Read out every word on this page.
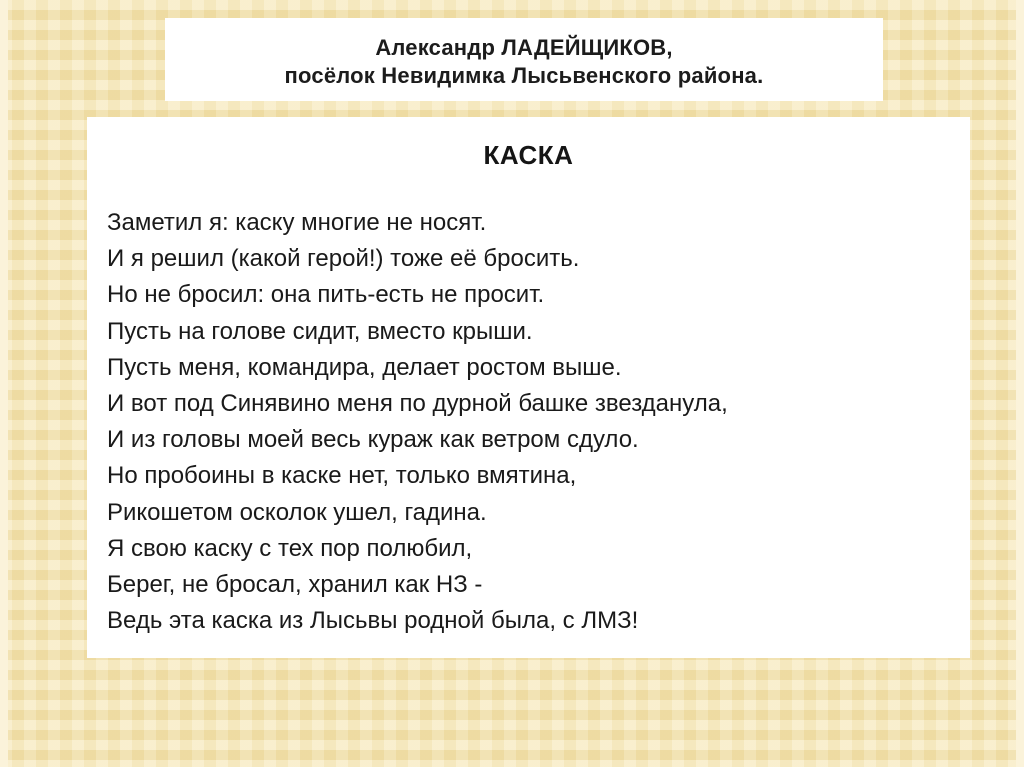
Александр ЛАДЕЙЩИКОВ,
посёлок Невидимка Лысьвенского района.
КАСКА
Заметил я: каску многие не носят.
И я решил (какой герой!) тоже её бросить.
Но не бросил: она пить-есть не просит.
Пусть на голове сидит, вместо крыши.
Пусть меня, командира, делает ростом выше.
И вот под Синявино меня по дурной башке звезданула,
И из головы моей весь кураж как ветром сдуло.
Но пробоины в каске нет, только вмятина,
Рикошетом осколок ушел, гадина.
Я свою каску с тех пор полюбил,
Берег, не бросал, хранил как НЗ -
Ведь эта каска из Лысьвы родной была, с ЛМЗ!
